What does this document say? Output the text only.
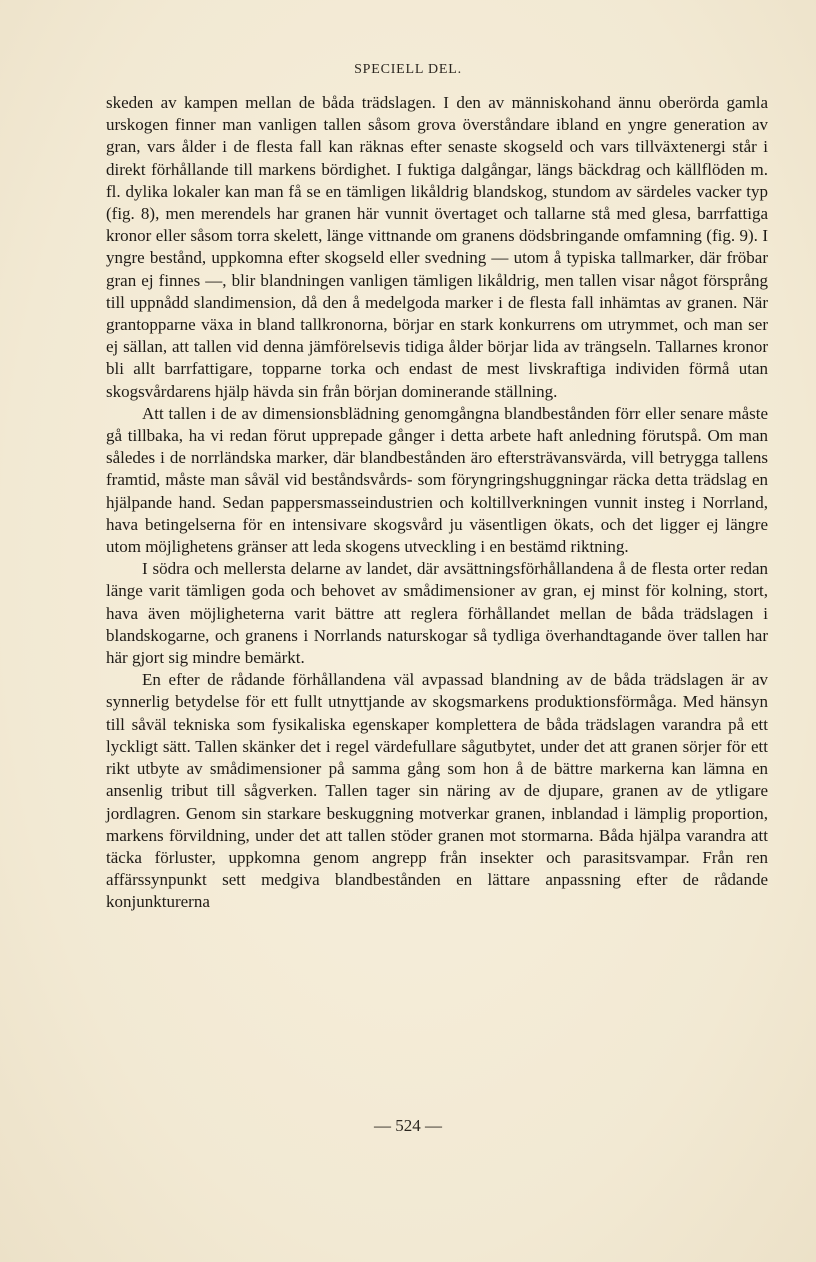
SPECIELL DEL.

skeden av kampen mellan de båda trädslagen. I den av människohand ännu oberörda gamla urskogen finner man vanligen tallen såsom grova överståndare ibland en yngre generation av gran, vars ålder i de flesta fall kan räknas efter senaste skogseld och vars tillväxtenergi står i direkt förhållande till markens bördighet. I fuktiga dalgångar, längs bäckdrag och källflöden m. fl. dylika lokaler kan man få se en tämligen likåldrig blandskog, stundom av särdeles vacker typ (fig. 8), men merendels har granen här vunnit övertaget och tallarne stå med glesa, barrfattiga kronor eller såsom torra skelett, länge vittnande om granens dödsbringande omfamning (fig. 9). I yngre bestånd, uppkomna efter skogseld eller svedning — utom å typiska tallmarker, där fröbar gran ej finnes —, blir blandningen vanligen tämligen likåldrig, men tallen visar något försprång till uppnådd slandimension, då den å medelgoda marker i de flesta fall inhämtas av granen. När grantopparne växa in bland tallkronorna, börjar en stark konkurrens om utrymmet, och man ser ej sällan, att tallen vid denna jämförelsevis tidiga ålder börjar lida av trängseln. Tallarnes kronor bli allt barrfattigare, topparne torka och endast de mest livskraftiga individen förmå utan skogsvårdarens hjälp hävda sin från början dominerande ställning.

Att tallen i de av dimensionsblädning genomgångna blandbestånden förr eller senare måste gå tillbaka, ha vi redan förut upprepade gånger i detta arbete haft anledning förutspå. Om man således i de norrländska marker, där blandbestånden äro eftersträvansvärda, vill betrygga tallens framtid, måste man såväl vid beståndsvårds- som föryngringshuggningar räcka detta trädslag en hjälpande hand. Sedan pappersmasseindustrien och koltillverkningen vunnit insteg i Norrland, hava betingelserna för en intensivare skogsvård ju väsentligen ökats, och det ligger ej längre utom möjlighetens gränser att leda skogens utveckling i en bestämd riktning.

I södra och mellersta delarne av landet, där avsättningsförhållandena å de flesta orter redan länge varit tämligen goda och behovet av smådimensioner av gran, ej minst för kolning, stort, hava även möjligheterna varit bättre att reglera förhållandet mellan de båda trädslagen i blandskogarne, och granens i Norrlands naturskogar så tydliga överhandtagande över tallen har här gjort sig mindre bemärkt.

En efter de rådande förhållandena väl avpassad blandning av de båda trädslagen är av synnerlig betydelse för ett fullt utnyttjande av skogsmarkens produktionsförmåga. Med hänsyn till såväl tekniska som fysikaliska egenskaper komplettera de båda trädslagen varandra på ett lyckligt sätt. Tallen skänker det i regel värdefullare sågutbytet, under det att granen sörjer för ett rikt utbyte av smådimensioner på samma gång som hon å de bättre markerna kan lämna en ansenlig tribut till sågverken. Tallen tager sin näring av de djupare, granen av de ytligare jordlagren. Genom sin starkare beskuggning motverkar granen, inblandad i lämplig proportion, markens förvildning, under det att tallen stöder granen mot stormarna. Båda hjälpa varandra att täcka förluster, uppkomna genom angrepp från insekter och parasitsvampar. Från ren affärssynpunkt sett medgiva blandbestånden en lättare anpassning efter de rådande konjunkturerna

— 524 —
